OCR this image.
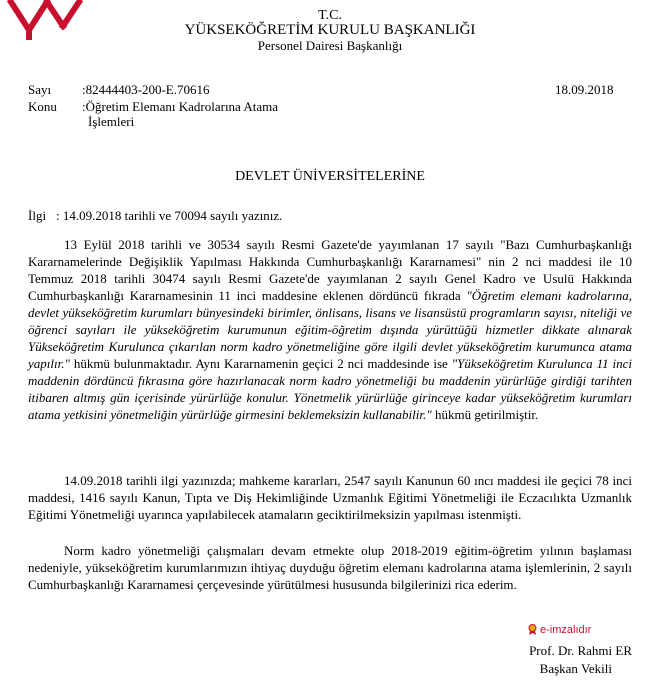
T.C.
YÜKSEKÖĞRETİM KURULU BAŞKANLIĞI
Personel Dairesi Başkanlığı
Sayı :82444403-200-E.70616	18.09.2018
Konu :Öğretim Elemanı Kadrolarına Atama
İşlemleri
DEVLET ÜNİVERSİTELERİNE
İlgi : 14.09.2018 tarihli ve 70094 sayılı yazınız.
13 Eylül 2018 tarihli ve 30534 sayılı Resmi Gazete'de yayımlanan 17 sayılı "Bazı Cumhurbaşkanlığı Kararnamelerinde Değişiklik Yapılması Hakkında Cumhurbaşkanlığı Kararnamesi" nin 2 nci maddesi ile 10 Temmuz 2018 tarihli 30474 sayılı Resmi Gazete'de yayımlanan 2 sayılı Genel Kadro ve Usulü Hakkında Cumhurbaşkanlığı Kararnamesinin 11 inci maddesine eklenen dördüncü fıkrada "Öğretim elemanı kadrolarına, devlet yükseköğretim kurumları bünyesindeki birimler, önlisans, lisans ve lisansüstü programların sayısı, niteliği ve öğrenci sayıları ile yükseköğretim kurumunun eğitim-öğretim dışında yürüttüğü hizmetler dikkate alınarak Yükseköğretim Kurulunca çıkarılan norm kadro yönetmeliğine göre ilgili devlet yükseköğretim kurumunca atama yapılır." hükmü bulunmaktadır. Aynı Kararnamenin geçici 2 nci maddesinde ise "Yükseköğretim Kurulunca 11 inci maddenin dördüncü fıkrasına göre hazırlanacak norm kadro yönetmeliği bu maddenin yürürlüğe girdiği tarihten itibaren altmış gün içerisinde yürürlüğe konulur. Yönetmelik yürürlüğe girinceye kadar yükseköğretim kurumları atama yetkisini yönetmeliğin yürürlüğe girmesini beklemeksizin kullanabilir." hükmü getirilmiştir.
14.09.2018 tarihli ilgi yazınızda; mahkeme kararları, 2547 sayılı Kanunun 60 ıncı maddesi ile geçici 78 inci maddesi, 1416 sayılı Kanun, Tıpta ve Diş Hekimliğinde Uzmanlık Eğitimi Yönetmeliği ile Eczacılıkta Uzmanlık Eğitimi Yönetmeliği uyarınca yapılabilecek atamaların geciktirilmeksizin yapılması istenmişti.
Norm kadro yönetmeliği çalışmaları devam etmekte olup 2018-2019 eğitim-öğretim yılının başlaması nedeniyle, yükseköğretim kurumlarımızın ihtiyaç duyduğu öğretim elemanı kadrolarına atama işlemlerinin, 2 sayılı Cumhurbaşkanlığı Kararnamesi çerçevesinde yürütülmesi hususunda bilgilerinizi rica ederim.
e-imzalıdır
Prof. Dr. Rahmi ER
Başkan Vekili
